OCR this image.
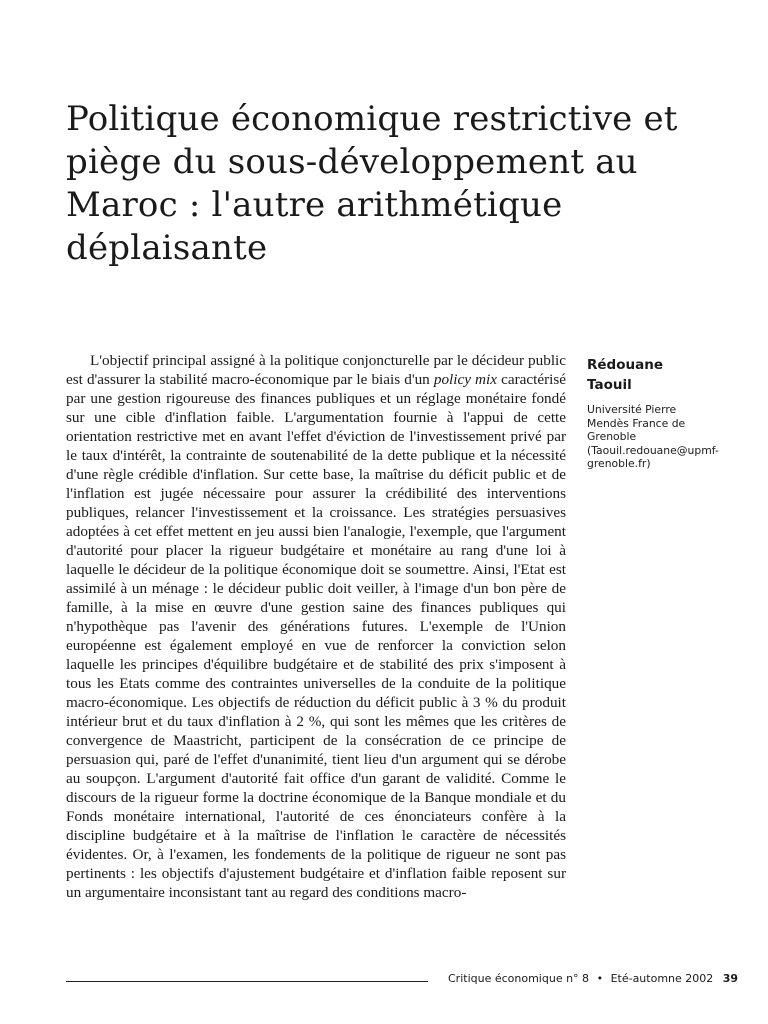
Politique économique restrictive et piège du sous-développement au Maroc : l'autre arithmétique déplaisante

L'objectif principal assigné à la politique conjoncturelle par le décideur public est d'assurer la stabilité macro-économique par le biais d'un policy mix caractérisé par une gestion rigoureuse des finances publiques et un réglage monétaire fondé sur une cible d'inflation faible. L'argumentation fournie à l'appui de cette orientation restrictive met en avant l'effet d'éviction de l'investissement privé par le taux d'intérêt, la contrainte de soutenabilité de la dette publique et la nécessité d'une règle crédible d'inflation. Sur cette base, la maîtrise du déficit public et de l'inflation est jugée nécessaire pour assurer la crédibilité des interventions publiques, relancer l'investissement et la croissance. Les stratégies persuasives adoptées à cet effet mettent en jeu aussi bien l'analogie, l'exemple, que l'argument d'autorité pour placer la rigueur budgétaire et monétaire au rang d'une loi à laquelle le décideur de la politique économique doit se soumettre. Ainsi, l'Etat est assimilé à un ménage : le décideur public doit veiller, à l'image d'un bon père de famille, à la mise en œuvre d'une gestion saine des finances publiques qui n'hypothèque pas l'avenir des générations futures. L'exemple de l'Union européenne est également employé en vue de renforcer la conviction selon laquelle les principes d'équilibre budgétaire et de stabilité des prix s'imposent à tous les Etats comme des contraintes universelles de la conduite de la politique macro-économique. Les objectifs de réduction du déficit public à 3 % du produit intérieur brut et du taux d'inflation à 2 %, qui sont les mêmes que les critères de convergence de Maastricht, participent de la consécration de ce principe de persuasion qui, paré de l'effet d'unanimité, tient lieu d'un argument qui se dérobe au soupçon. L'argument d'autorité fait office d'un garant de validité. Comme le discours de la rigueur forme la doctrine économique de la Banque mondiale et du Fonds monétaire international, l'autorité de ces énonciateurs confère à la discipline budgétaire et à la maîtrise de l'inflation le caractère de nécessités évidentes. Or, à l'examen, les fondements de la politique de rigueur ne sont pas pertinents : les objectifs d'ajustement budgétaire et d'inflation faible reposent sur un argumentaire inconsistant tant au regard des conditions macro-

Rédouane
Taouil

Université Pierre
Mendès France de
Grenoble
(Taouil.redouane@upmf-
grenoble.fr)

Critique économique n° 8 • Eté-automne 2002 39
